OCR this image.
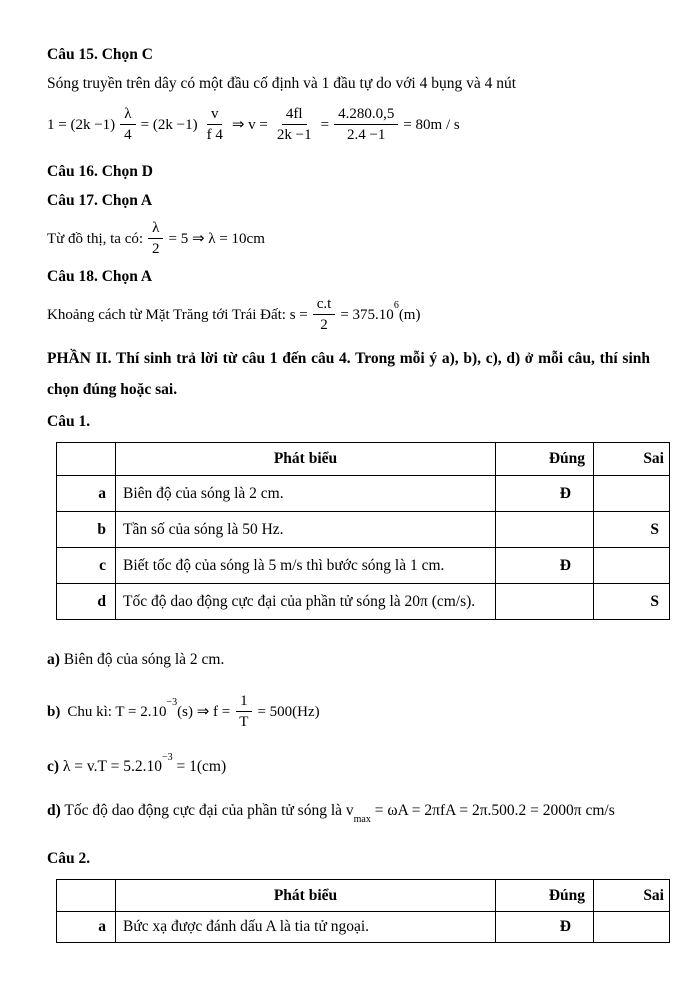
Câu 15. Chọn C
Sóng truyền trên dây có một đầu cố định và 1 đầu tự do với 4 bụng và 4 nút
$1 = (2k -1) \frac{\lambda}{4} = (2k -1) \frac{v}{f 4}$ ⇒ $v = \frac{4fl}{2k -1} = \frac{4.280.0,5}{2.4 -1} = 80m / s$
Câu 16. Chọn D
Câu 17. Chọn A
Từ đồ thị, ta có: $\frac{\lambda}{2} = 5$ ⇒ λ = 10cm
Câu 18. Chọn A
Khoảng cách từ Mặt Trăng tới Trái Đất: $s = \frac{c.t}{2} = 375.10^6(m)$
PHẦN II. Thí sinh trả lời từ câu 1 đến câu 4. Trong mỗi ý a), b), c), d) ở mỗi câu, thí sinh chọn đúng hoặc sai.
Câu 1.
	Phát biểu	Đúng	Sai
a	Biên độ của sóng là 2 cm.	Đ	
b	Tần số của sóng là 50 Hz.		S
c	Biết tốc độ của sóng là 5 m/s thì bước sóng là 1 cm.	Đ	
d	Tốc độ dao động cực đại của phần tử sóng là 20π (cm/s).		S
a) Biên độ của sóng là 2 cm.
b) Chu kì: $T = 2.10^{-3}(s)$ ⇒ $f = \frac{1}{T} = 500(Hz)$
c) $\lambda = v.T = 5.2.10^{-3} = 1(cm)$
d) Tốc độ dao động cực đại của phần tử sóng là $v_{max} = \omega A = 2\pi fA = 2\pi.500.2 = 2000\pi$ cm/s
Câu 2.
	Phát biểu	Đúng	Sai
a	Bức xạ được đánh dấu A là tia tử ngoại.	Đ	
